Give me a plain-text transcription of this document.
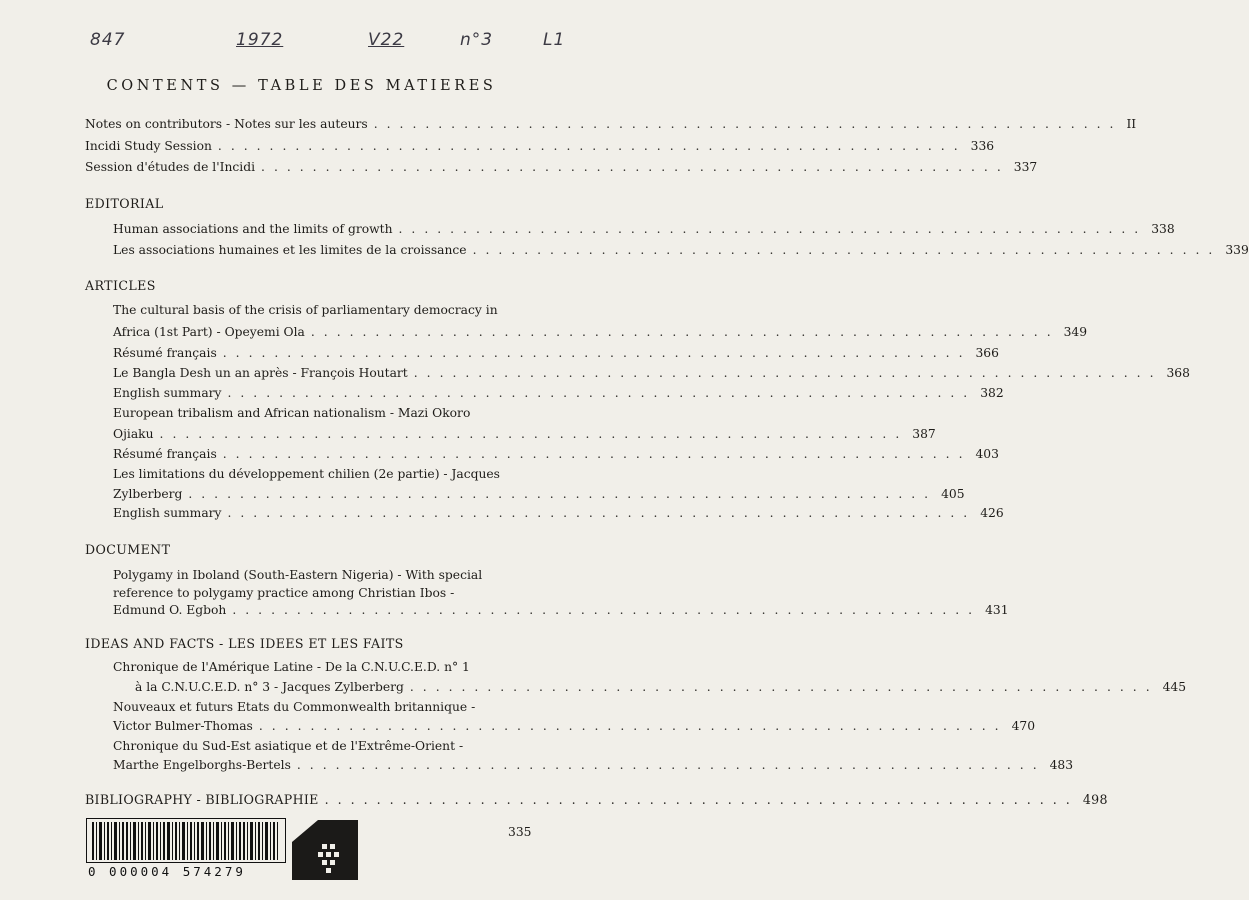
847	1972	V22	n°3	L1
CONTENTS — TABLE DES MATIERES
Notes on contributors - Notes sur les auteurs .......................................................... II
Incidi Study Session .......................................................... 336
Session d'études de l'Incidi .......................................................... 337
EDITORIAL
Human associations and the limits of growth .......................................................... 338
Les associations humaines et les limites de la croissance .......................................................... 339
ARTICLES
The cultural basis of the crisis of parliamentary democracy in
Africa (1st Part) - Opeyemi Ola .......................................................... 349
Résumé français .......................................................... 366
Le Bangla Desh un an après - François Houtart .......................................................... 368
English summary .......................................................... 382
European tribalism and African nationalism - Mazi Okoro
Ojiaku .......................................................... 387
Résumé français .......................................................... 403
Les limitations du développement chilien (2e partie) - Jacques
Zylberberg .......................................................... 405
English summary .......................................................... 426
DOCUMENT
Polygamy in Iboland (South-Eastern Nigeria) - With special
reference to polygamy practice among Christian Ibos -
Edmund O. Egboh .......................................................... 431
IDEAS AND FACTS - LES IDEES ET LES FAITS
Chronique de l'Amérique Latine - De la C.N.U.C.E.D. n° 1
à la C.N.U.C.E.D. n° 3 - Jacques Zylberberg .......................................................... 445
Nouveaux et futurs Etats du Commonwealth britannique -
Victor Bulmer-Thomas .......................................................... 470
Chronique du Sud-Est asiatique et de l'Extrême-Orient -
Marthe Engelborghs-Bertels .......................................................... 483
BIBLIOGRAPHY - BIBLIOGRAPHIE .......................................................... 498
335
0 000004 574279
